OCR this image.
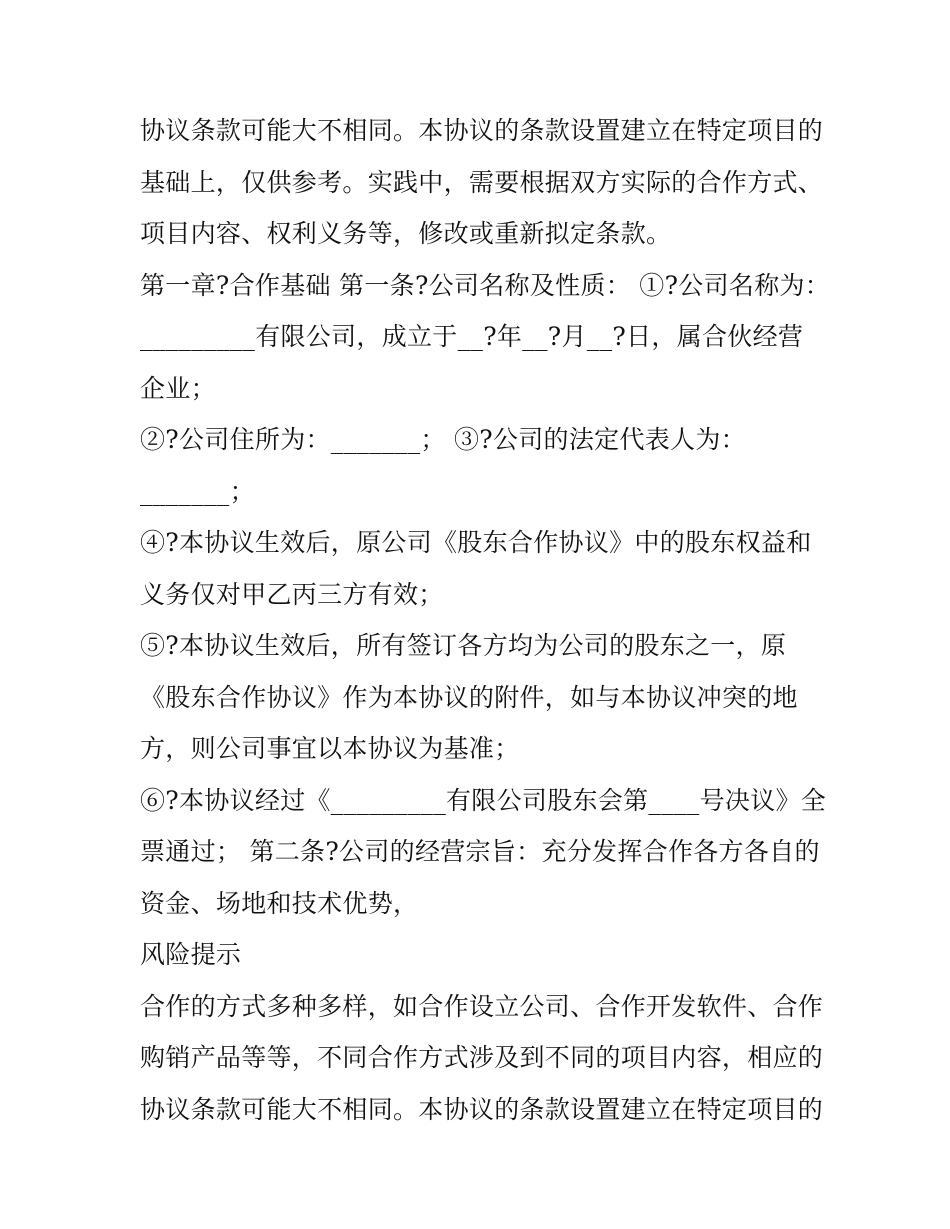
协议条款可能大不相同。本协议的条款设置建立在特定项目的
基础上，仅供参考。实践中，需要根据双方实际的合作方式、
项目内容、权利义务等，修改或重新拟定条款。
第一章?合作基础 第一条?公司名称及性质： ①?公司名称为：
_________有限公司，成立于__?年__?月__?日，属合伙经营
企业；
②?公司住所为：_______； ③?公司的法定代表人为：
_______；
④?本协议生效后，原公司《股东合作协议》中的股东权益和
义务仅对甲乙丙三方有效；
⑤?本协议生效后，所有签订各方均为公司的股东之一，原
《股东合作协议》作为本协议的附件，如与本协议冲突的地
方，则公司事宜以本协议为基准；
⑥?本协议经过《_________有限公司股东会第____号决议》全
票通过； 第二条?公司的经营宗旨：充分发挥合作各方各自的
资金、场地和技术优势，
风险提示
合作的方式多种多样，如合作设立公司、合作开发软件、合作
购销产品等等，不同合作方式涉及到不同的项目内容，相应的
协议条款可能大不相同。本协议的条款设置建立在特定项目的
